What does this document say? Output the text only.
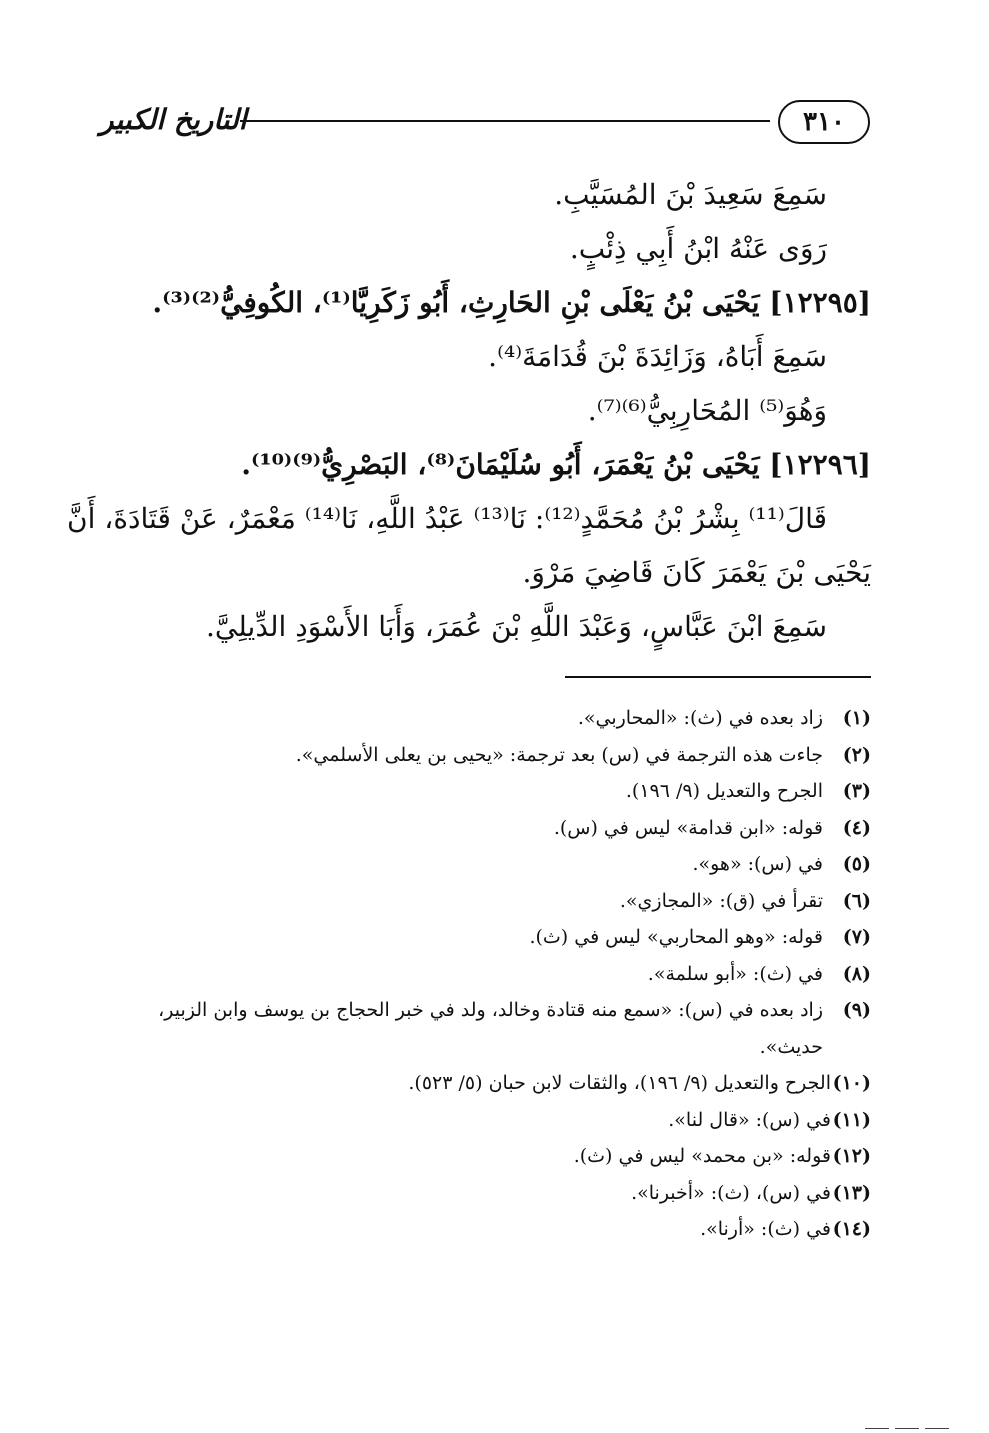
٣١٠
التاريخ الكبير
سَمِعَ سَعِيدَ بْنَ المُسَيَّبِ.
رَوَى عَنْهُ ابْنُ أَبِي ذِئْبٍ.
[١٢٢٩٥] يَحْيَى بْنُ يَعْلَى بْنِ الحَارِثِ، أَبُو زَكَرِيَّا⁽¹⁾، الكُوفِيُّ⁽²⁾⁽³⁾.
سَمِعَ أَبَاهُ، وَزَائِدَةَ بْنَ قُدَامَةَ⁽⁴⁾.
وَهُوَ⁽⁵⁾ المُحَارِبِيُّ⁽⁶⁾⁽⁷⁾.
[١٢٢٩٦] يَحْيَى بْنُ يَعْمَرَ، أَبُو سُلَيْمَانَ⁽⁸⁾، البَصْرِيُّ⁽⁹⁾⁽¹⁰⁾.
قَالَ⁽¹¹⁾ بِشْرُ بْنُ مُحَمَّدٍ⁽¹²⁾: نَا⁽¹³⁾ عَبْدُ اللَّهِ، نَا⁽¹⁴⁾ مَعْمَرٌ، عَنْ قَتَادَةَ، أَنَّ
يَحْيَى بْنَ يَعْمَرَ كَانَ قَاضِيَ مَرْوَ.
سَمِعَ ابْنَ عَبَّاسٍ، وَعَبْدَ اللَّهِ بْنَ عُمَرَ، وَأَبَا الأَسْوَدِ الدِّيلِيَّ.
(١)
زاد بعده في (ث): «المحاربي».
(٢)
جاءت هذه الترجمة في (س) بعد ترجمة: «يحيى بن يعلى الأسلمي».
(٣)
الجرح والتعديل (٩/ ١٩٦).
(٤)
قوله: «ابن قدامة» ليس في (س).
(٥)
في (س): «هو».
(٦)
تقرأ في (ق): «المجازي».
(٧)
قوله: «وهو المحاربي» ليس في (ث).
(٨)
في (ث): «أبو سلمة».
(٩)
زاد بعده في (س): «سمع منه قتادة وخالد، ولد في خبر الحجاج بن يوسف وابن الزبير،
حديث».
(١٠)
الجرح والتعديل (٩/ ١٩٦)، والثقات لابن حبان (٥/ ٥٢٣).
(١١)
في (س): «قال لنا».
(١٢)
قوله: «بن محمد» ليس في (ث).
(١٣)
في (س)، (ث): «أخبرنا».
(١٤)
في (ث): «أرنا».
